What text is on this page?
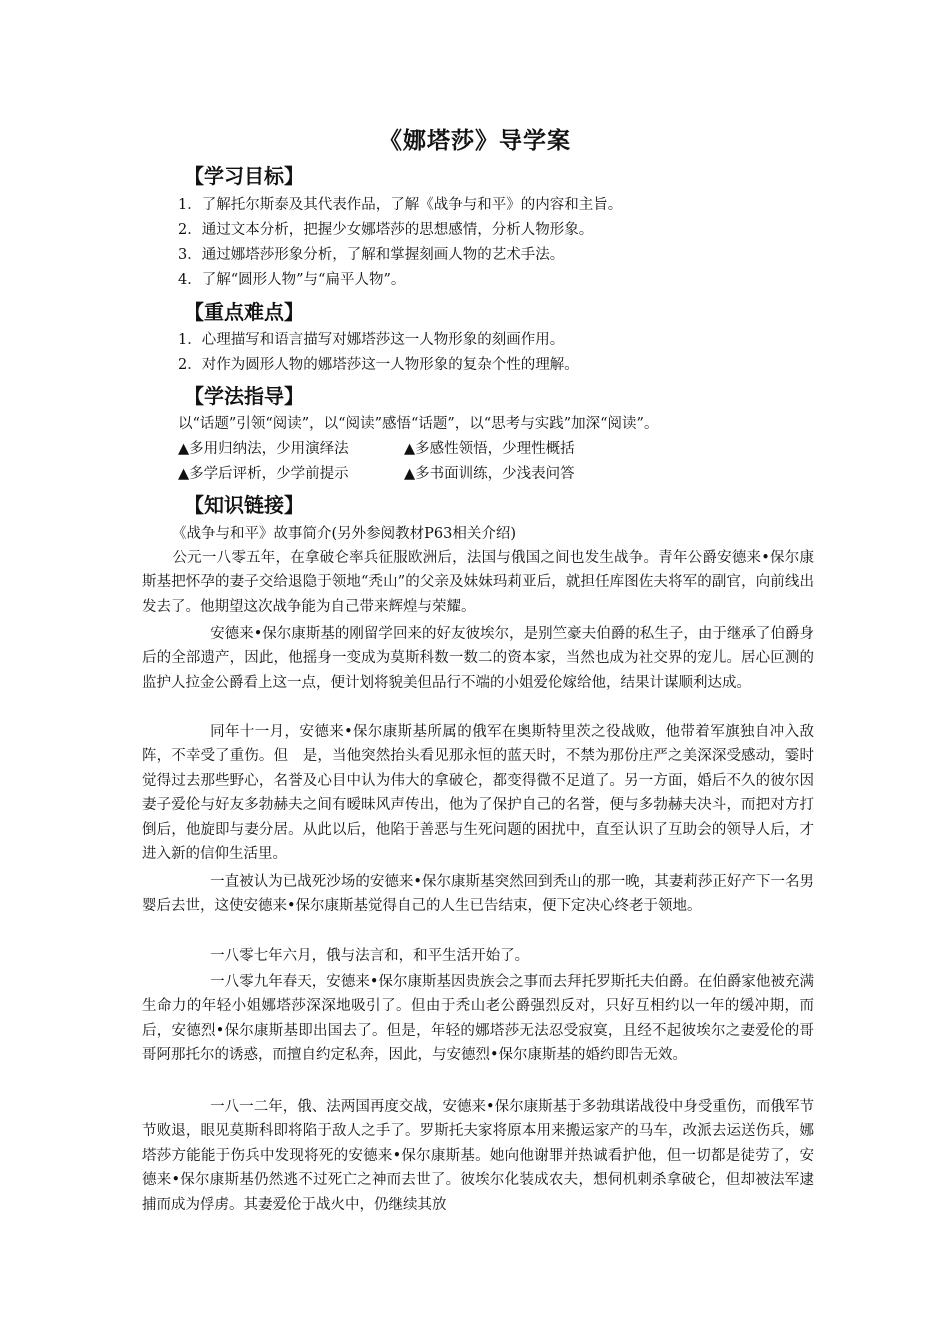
《娜塔莎》导学案
【学习目标】
1．了解托尔斯泰及其代表作品，了解《战争与和平》的内容和主旨。
2．通过文本分析，把握少女娜塔莎的思想感情，分析人物形象。
3．通过娜塔莎形象分析，了解和掌握刻画人物的艺术手法。
4．了解“圆形人物”与“扁平人物”。
【重点难点】
1．心理描写和语言描写对娜塔莎这一人物形象的刻画作用。
2．对作为圆形人物的娜塔莎这一人物形象的复杂个性的理解。
【学法指导】
以“话题”引领“阅读”，以“阅读”感悟“话题”，以“思考与实践”加深“阅读”。
▲多用归纳法，少用演绎法	▲多感性领悟，少理性概括
▲多学后评析，少学前提示	▲多书面训练，少浅表问答
【知识链接】
《战争与和平》故事简介(另外参阅教材P63相关介绍)
公元一八零五年，在拿破仑率兵征服欧洲后，法国与俄国之间也发生战争。青年公爵安德来•保尔康斯基把怀孕的妻子交给退隐于领地“秃山”的父亲及妹妹玛莉亚后，就担任库图佐夫将军的副官，向前线出发去了。他期望这次战争能为自己带来辉煌与荣耀。
安德来•保尔康斯基的刚留学回来的好友彼埃尔，是别竺豪夫伯爵的私生子，由于继承了伯爵身后的全部遗产，因此，他摇身一变成为莫斯科数一数二的资本家，当然也成为社交界的宠儿。居心叵测的监护人拉金公爵看上这一点，便计划将貌美但品行不端的小姐爱伦嫁给他，结果计谋顺利达成。
同年十一月，安德来•保尔康斯基所属的俄军在奥斯特里茨之役战败，他带着军旗独自冲入敌阵，不幸受了重伤。但　是，当他突然抬头看见那永恒的蓝天时，不禁为那份庄严之美深深受感动，霎时觉得过去那些野心，名誉及心目中认为伟大的拿破仑，都变得微不足道了。另一方面，婚后不久的彼尔因妻子爱伦与好友多勃赫夫之间有暧昧风声传出，他为了保护自己的名誉，便与多勃赫夫决斗，而把对方打倒后，他旋即与妻分居。从此以后，他陷于善恶与生死问题的困扰中，直至认识了互助会的领导人后，才进入新的信仰生活里。
一直被认为已战死沙场的安德来•保尔康斯基突然回到秃山的那一晚，其妻莉莎正好产下一名男婴后去世，这使安德来•保尔康斯基觉得自己的人生已告结束，便下定决心终老于领地。
一八零七年六月，俄与法言和，和平生活开始了。
一八零九年春天，安德来•保尔康斯基因贵族会之事而去拜托罗斯托夫伯爵。在伯爵家他被充满生命力的年轻小姐娜塔莎深深地吸引了。但由于秃山老公爵强烈反对，只好互相约以一年的缓冲期，而　后，安德烈•保尔康斯基即出国去了。但是，年轻的娜塔莎无法忍受寂寞，且经不起彼埃尔之妻爱伦的哥哥阿那托尔的诱惑，而擅自约定私奔，因此，与安德烈•保尔康斯基的婚约即告无效。
一八一二年，俄、法两国再度交战，安德来•保尔康斯基于多勃琪诺战役中身受重伤，而俄军节节败退，眼见莫斯科即将陷于敌人之手了。罗斯托夫家将原本用来搬运家产的马车，改派去运送伤兵，娜塔莎方能能于伤兵中发现将死的安德来•保尔康斯基。她向他谢罪并热诚看护他，但一切都是徒劳了，安德来•保尔康斯基仍然逃不过死亡之神而去世了。彼埃尔化装成农夫，想伺机刺杀拿破仑，但却被法军逮捕而成为俘虏。其妻爱伦于战火中，仍继续其放
